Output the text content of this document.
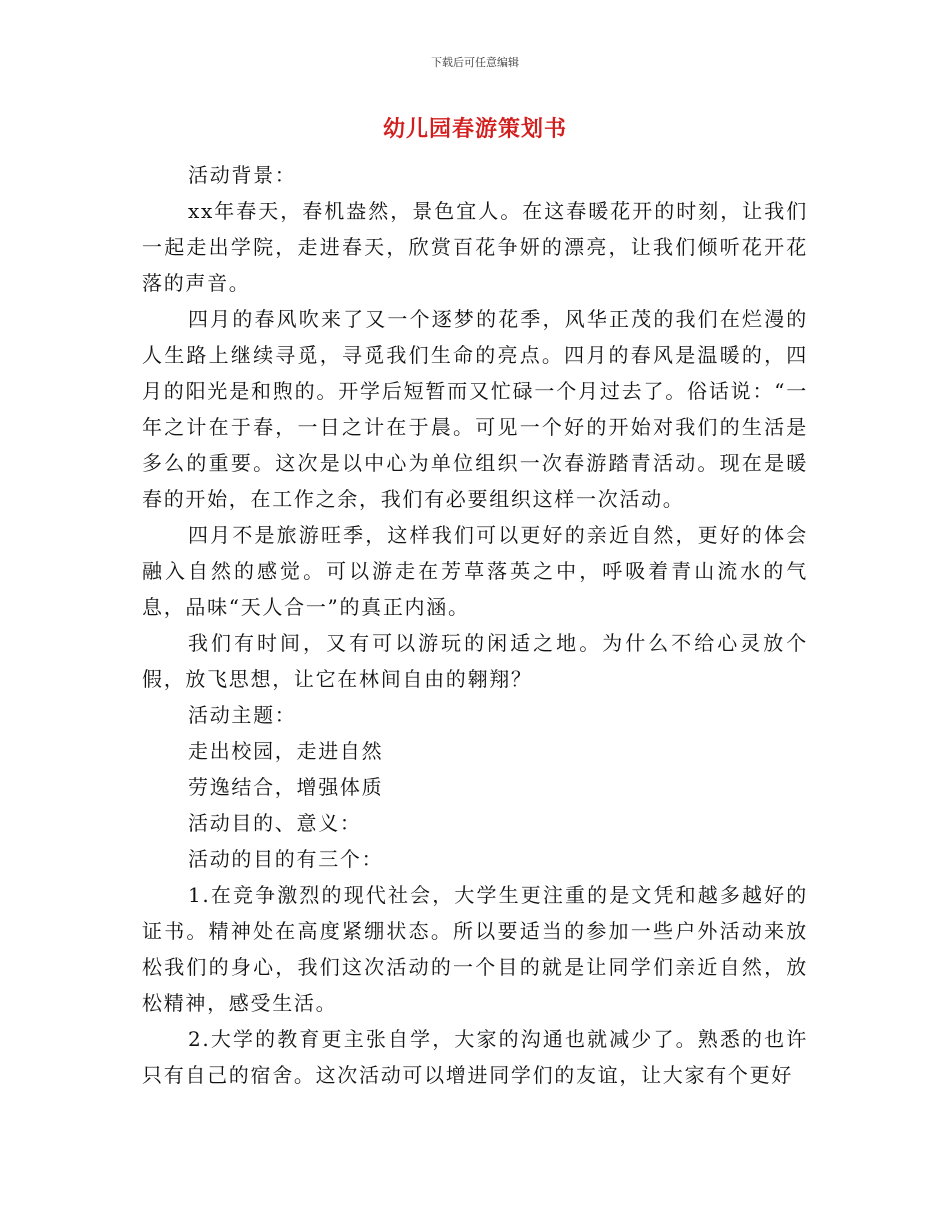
下载后可任意编辑
幼儿园春游策划书

活动背景：

xx年春天，春机盎然，景色宜人。在这春暖花开的时刻，让我们一起走出学院，走进春天，欣赏百花争妍的漂亮，让我们倾听花开花落的声音。

四月的春风吹来了又一个逐梦的花季，风华正茂的我们在烂漫的人生路上继续寻觅，寻觅我们生命的亮点。四月的春风是温暖的，四月的阳光是和煦的。开学后短暂而又忙碌一个月过去了。俗话说：“一年之计在于春，一日之计在于晨。可见一个好的开始对我们的生活是多么的重要。这次是以中心为单位组织一次春游踏青活动。现在是暖春的开始，在工作之余，我们有必要组织这样一次活动。

四月不是旅游旺季，这样我们可以更好的亲近自然，更好的体会融入自然的感觉。可以游走在芳草落英之中，呼吸着青山流水的气息，品味“天人合一”的真正内涵。

我们有时间，又有可以游玩的闲适之地。为什么不给心灵放个假，放飞思想，让它在林间自由的翱翔？

活动主题：

走出校园，走进自然

劳逸结合，增强体质

活动目的、意义：

活动的目的有三个：

1.在竞争激烈的现代社会，大学生更注重的是文凭和越多越好的证书。精神处在高度紧绷状态。所以要适当的参加一些户外活动来放松我们的身心，我们这次活动的一个目的就是让同学们亲近自然，放松精神，感受生活。

2.大学的教育更主张自学，大家的沟通也就减少了。熟悉的也许只有自己的宿舍。这次活动可以增进同学们的友谊，让大家有个更好
